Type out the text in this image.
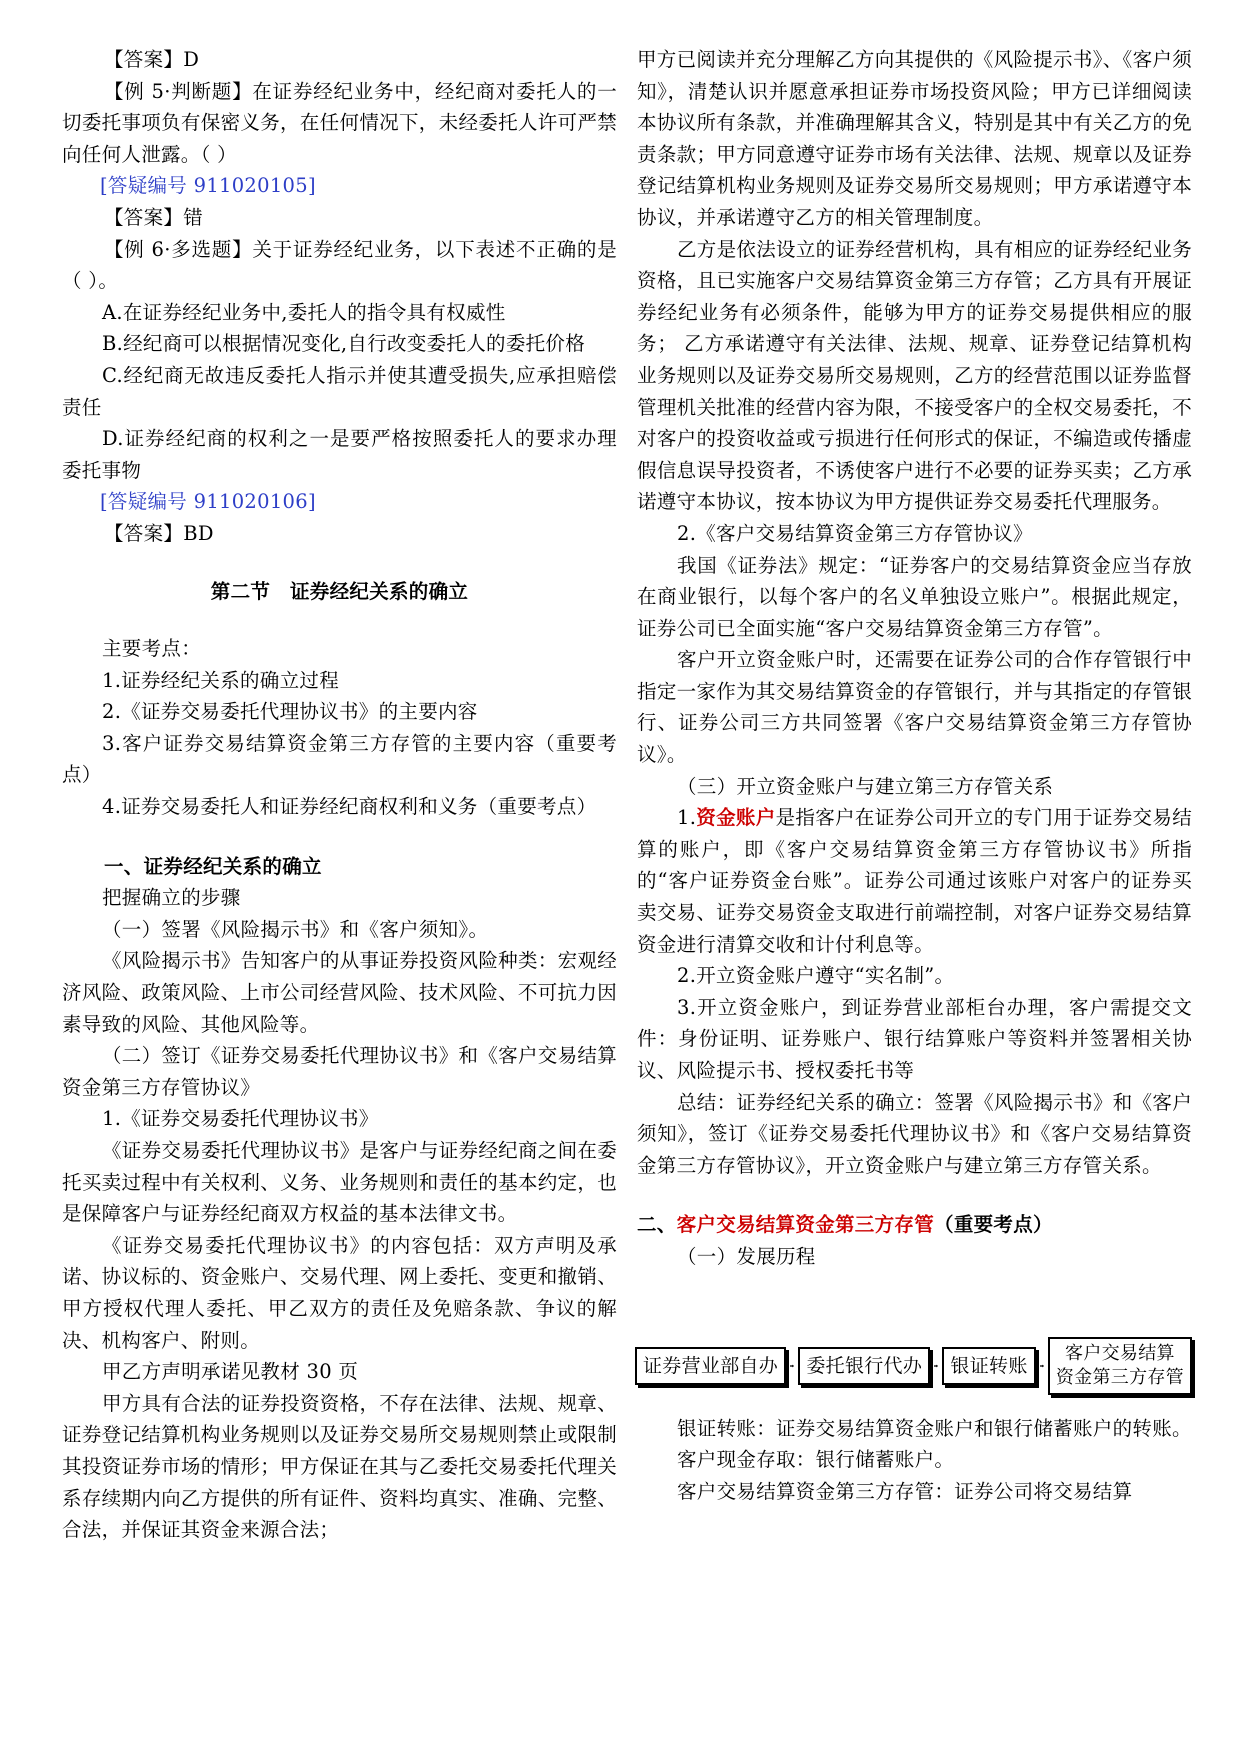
【答案】D

【例 5·判断题】在证券经纪业务中，经纪商对委托人的一切委托事项负有保密义务，在任何情况下，未经委托人许可严禁向任何人泄露。（ ）

[答疑编号 911020105]

【答案】错

【例 6·多选题】关于证券经纪业务，以下表述不正确的是（ ）。

A.在证券经纪业务中,委托人的指令具有权威性

B.经纪商可以根据情况变化,自行改变委托人的委托价格

C.经纪商无故违反委托人指示并使其遭受损失,应承担赔偿责任

D.证券经纪商的权利之一是要严格按照委托人的要求办理委托事物

[答疑编号 911020106]

【答案】BD

第二节　证券经纪关系的确立

主要考点：

1.证券经纪关系的确立过程

2.《证券交易委托代理协议书》的主要内容

3.客户证券交易结算资金第三方存管的主要内容（重要考点）

4.证券交易委托人和证券经纪商权利和义务（重要考点）

一、证券经纪关系的确立

把握确立的步骤

（一）签署《风险揭示书》和《客户须知》。

《风险揭示书》告知客户的从事证券投资风险种类：宏观经济风险、政策风险、上市公司经营风险、技术风险、不可抗力因素导致的风险、其他风险等。

（二）签订《证券交易委托代理协议书》和《客户交易结算资金第三方存管协议》

1.《证券交易委托代理协议书》

《证券交易委托代理协议书》是客户与证券经纪商之间在委托买卖过程中有关权利、义务、业务规则和责任的基本约定，也是保障客户与证券经纪商双方权益的基本法律文书。

《证券交易委托代理协议书》的内容包括：双方声明及承诺、协议标的、资金账户、交易代理、网上委托、变更和撤销、甲方授权代理人委托、甲乙双方的责任及免赔条款、争议的解决、机构客户、附则。

甲乙方声明承诺见教材 30 页

甲方具有合法的证券投资资格，不存在法律、法规、规章、证券登记结算机构业务规则以及证券交易所交易规则禁止或限制其投资证券市场的情形；甲方保证在其与乙委托交易委托代理关系存续期内向乙方提供的所有证件、资料均真实、准确、完整、合法，并保证其资金来源合法；

甲方已阅读并充分理解乙方向其提供的《风险提示书》、《客户须知》，清楚认识并愿意承担证券市场投资风险；甲方已详细阅读本协议所有条款，并准确理解其含义，特别是其中有关乙方的免责条款；甲方同意遵守证券市场有关法律、法规、规章以及证券登记结算机构业务规则及证券交易所交易规则；甲方承诺遵守本协议，并承诺遵守乙方的相关管理制度。

乙方是依法设立的证券经营机构，具有相应的证券经纪业务资格，且已实施客户交易结算资金第三方存管；乙方具有开展证券经纪业务有必须条件，能够为甲方的证券交易提供相应的服务； 乙方承诺遵守有关法律、法规、规章、证券登记结算机构业务规则以及证券交易所交易规则，乙方的经营范围以证券监督管理机关批准的经营内容为限，不接受客户的全权交易委托，不对客户的投资收益或亏损进行任何形式的保证，不编造或传播虚假信息误导投资者，不诱使客户进行不必要的证券买卖；乙方承诺遵守本协议，按本协议为甲方提供证券交易委托代理服务。

2.《客户交易结算资金第三方存管协议》

我国《证券法》规定：“证券客户的交易结算资金应当存放在商业银行，以每个客户的名义单独设立账户”。根据此规定，证券公司已全面实施“客户交易结算资金第三方存管”。

客户开立资金账户时，还需要在证券公司的合作存管银行中指定一家作为其交易结算资金的存管银行，并与其指定的存管银行、证券公司三方共同签署《客户交易结算资金第三方存管协议》。

（三）开立资金账户与建立第三方存管关系

1.资金账户是指客户在证券公司开立的专门用于证券交易结算的账户，即《客户交易结算资金第三方存管协议书》所指的“客户证券资金台账”。证券公司通过该账户对客户的证券买卖交易、证券交易资金支取进行前端控制，对客户证券交易结算资金进行清算交收和计付利息等。

2.开立资金账户遵守“实名制”。

3.开立资金账户，到证券营业部柜台办理，客户需提交文件：身份证明、证券账户、银行结算账户等资料并签署相关协议、风险提示书、授权委托书等

总结：证券经纪关系的确立：签署《风险揭示书》和《客户须知》，签订《证券交易委托代理协议书》和《客户交易结算资金第三方存管协议》，开立资金账户与建立第三方存管关系。

二、客户交易结算资金第三方存管（重要考点）

（一）发展历程

证券营业部自办	委托银行代办	银证转账
客户交易结算
资金第三方存管

银证转账：证券交易结算资金账户和银行储蓄账户的转账。

客户现金存取：银行储蓄账户。

客户交易结算资金第三方存管：证券公司将交易结算
